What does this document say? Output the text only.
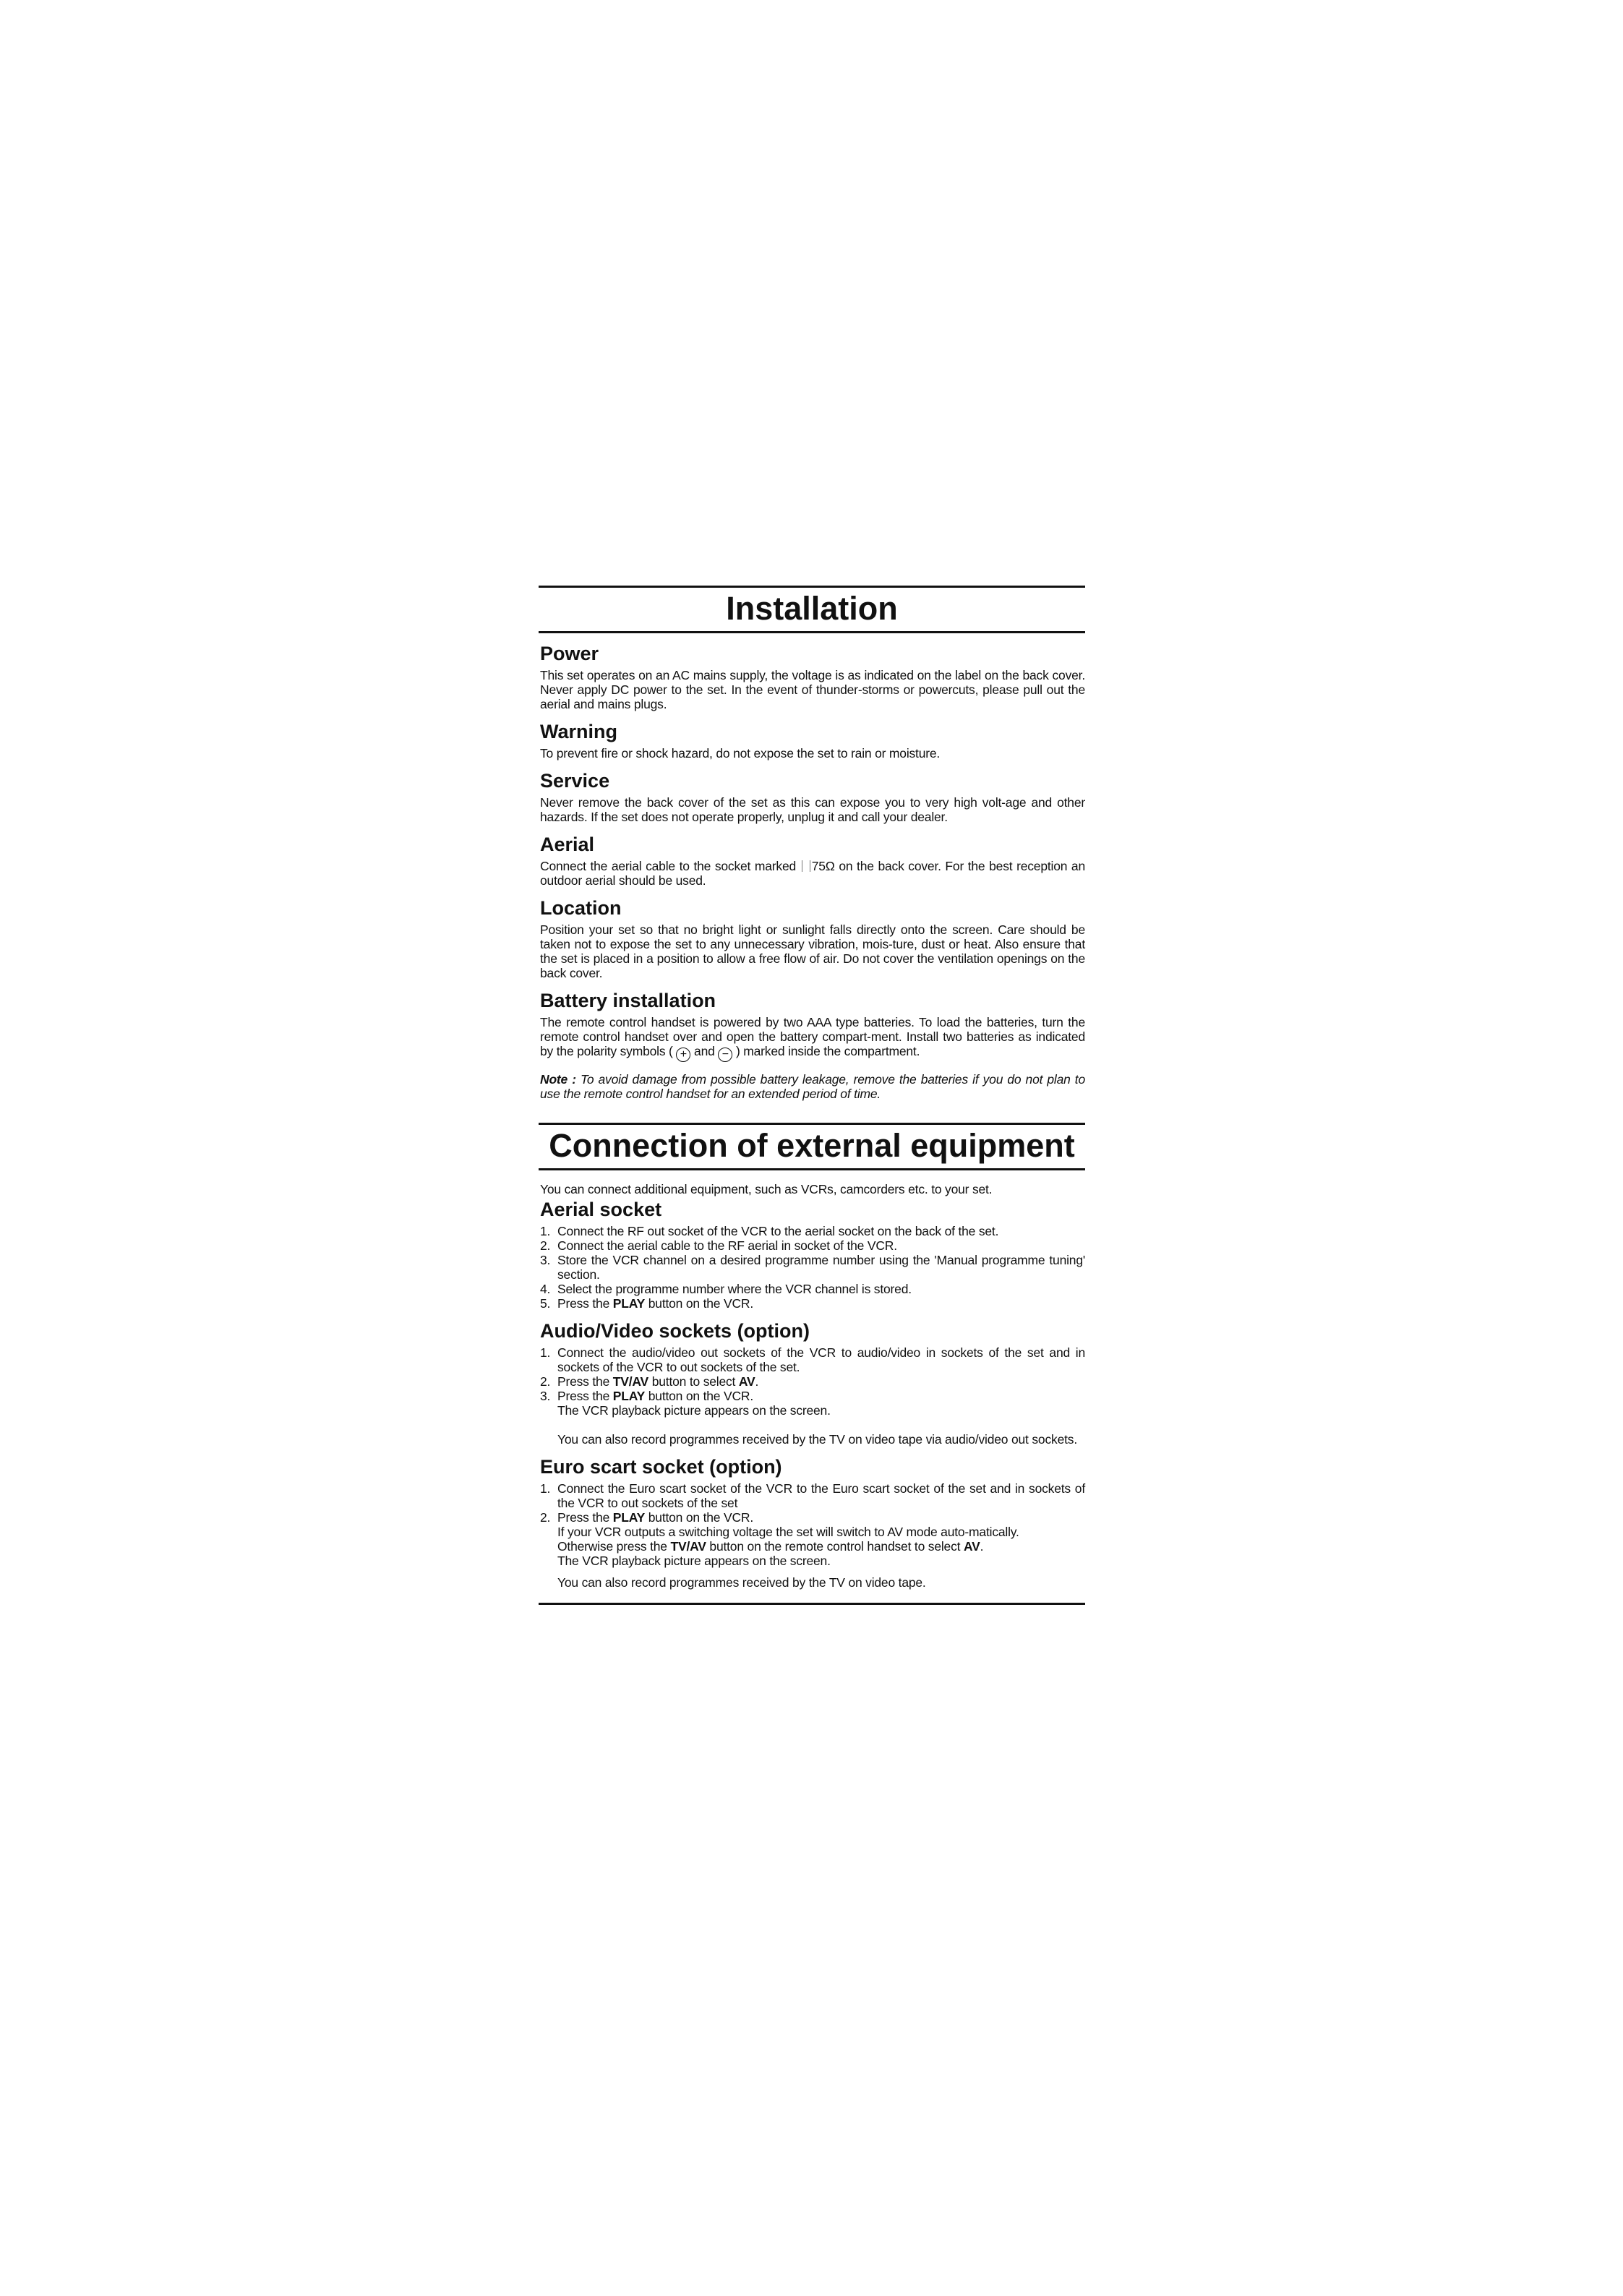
Installation
Power

This set operates on an AC mains supply, the voltage is as indicated on the label on the back cover. Never apply DC power to the set. In the event of thunder-storms or powercuts, please pull out the aerial and mains plugs.

Warning

To prevent fire or shock hazard, do not expose the set to rain or moisture.

Service

Never remove the back cover of the set as this can expose you to very high volt-age and other hazards. If the set does not operate properly, unplug it and call your dealer.

Aerial

Connect the aerial cable to the socket marked 75Ω on the back cover. For the best reception an outdoor aerial should be used.

Location

Position your set so that no bright light or sunlight falls directly onto the screen. Care should be taken not to expose the set to any unnecessary vibration, mois-ture, dust or heat. Also ensure that the set is placed in a position to allow a free flow of air. Do not cover the ventilation openings on the back cover.

Battery installation

The remote control handset is powered by two AAA type batteries. To load the batteries, turn the remote control handset over and open the battery compart-ment. Install two batteries as indicated by the polarity symbols ( + and − ) marked inside the compartment.

Note : To avoid damage from possible battery leakage, remove the batteries if you do not plan to use the remote control handset for an extended period of time.

Connection of external equipment

You can connect additional equipment, such as VCRs, camcorders etc. to your set.

Aerial socket
1. Connect the RF out socket of the VCR to the aerial socket on the back of the set.
2. Connect the aerial cable to the RF aerial in socket of the VCR.
3. Store the VCR channel on a desired programme number using the 'Manual programme tuning' section.
4. Select the programme number where the VCR channel is stored.
5. Press the PLAY button on the VCR.
Audio/Video sockets (option)
1. Connect the audio/video out sockets of the VCR to audio/video in sockets of the set and in sockets of the VCR to out sockets of the set.
2. Press the TV/AV button to select AV.
3. Press the PLAY button on the VCR.

The VCR playback picture appears on the screen.

You can also record programmes received by the TV on video tape via audio/video out sockets.

Euro scart socket (option)
1. Connect the Euro scart socket of the VCR to the Euro scart socket of the set and in sockets of the VCR to out sockets of the set
2. Press the PLAY button on the VCR.

If your VCR outputs a switching voltage the set will switch to AV mode auto-matically.

Otherwise press the TV/AV button on the remote control handset to select AV.

The VCR playback picture appears on the screen.

You can also record programmes received by the TV on video tape.
